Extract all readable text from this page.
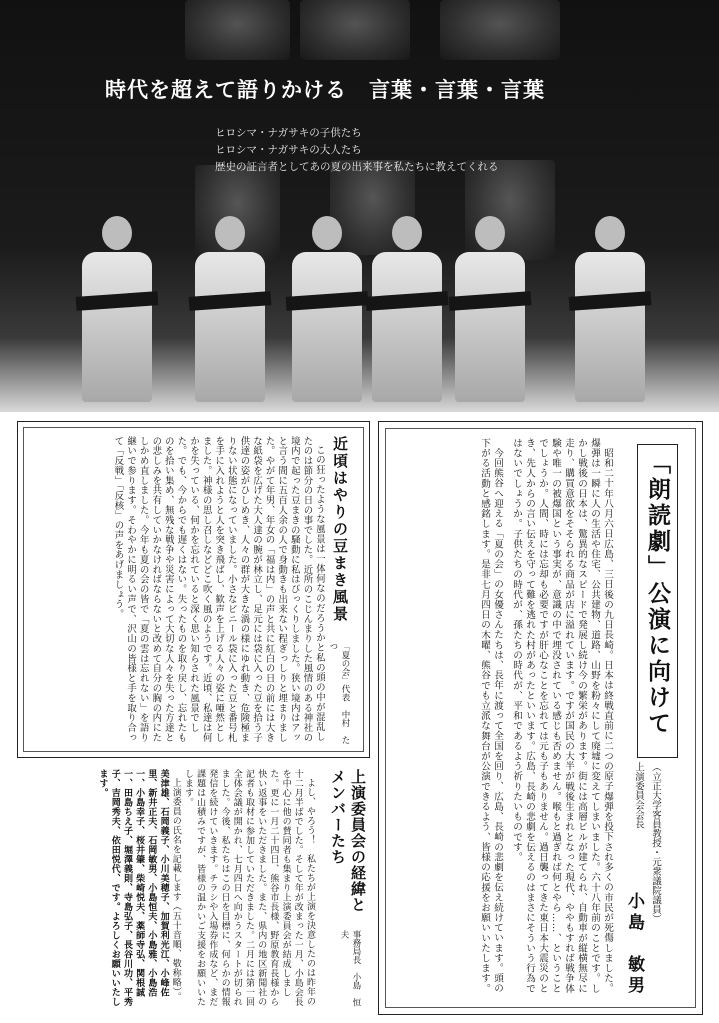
時代を超えて語りかける　言葉・言葉・言葉
ヒロシマ・ナガサキの子供たち
ヒロシマ・ナガサキの大人たち
歴史の証言者としてあの夏の出来事を私たちに教えてくれる
「朗読劇」公演に向けて
上演委員会会長 （立正大学客員教授・元衆議院議員）
小島　敏男

昭和二十年八月六日広島、三日後の九日長崎。日本は終戦直前に二つの原子爆弾を投下され多くの市民が死傷しました。爆弾は一瞬に人の生活や住宅、公共建物、道路、山野を粉々にして廃墟に変えてしまいました。六十八年前のことです。しかし戦後の日本は、驚異的なスピードで発展し続け今の繁栄があります。街には高層ビルが建てられ、自動車が縦横無尽に走り、購買意欲をそそられる商品が店に溢れています。ですが国民の大半が戦後生まれとなった現代、ややもすれば戦争体験や唯一の被爆国という事実が、意識の中で埋没されている感じも否めません。喉もと過ぎれば何とやら……、ということでしょうか。人間、時には忘却も必要ですが肝心なことを忘れては元も子もありません。過日襲ってきた東日本大震災のとき、先人からの言い伝えを守って難を逃れた村があったといいます。広島、長崎の悲劇を伝えるのはまさにそういう行為ではないでしょうか。子供たちの時代が、孫たちの時代が、平和であるよう祈りたいものです。

今回熊谷へ迎える「夏の会」の女優さんたちは、長年に渡って全国を回り、広島、長崎の悲劇を伝え続けています。頭の下がる活動と感銘します。是非七月四日の木曜、熊谷でも立派な舞台が公演できるよう、皆様の応援をお願いいたします。

近頃はやりの豆まき風景
「夏の会」代表　中村　たつ

この狂ったような風景は一体何なのだろうかと私の頭の中が混乱したのは節分の日の事でした。近所のこじんまりした風情のある神社の境内で起った豆まきの騒動に私はびっくりしました。狭い境内はアッと言う間に五百人余の人で身動きも出来ない程ぎっしりと埋まりました。やがて年男、年女の「福は内」の声と共に紅白の日の前には大きな紙袋を広げた大人達の腕が林立し、足元には袋に入った豆を拾う子供達の姿がひしめき、人々の群が大きな渦の様にゆれ動き、危険極まりない状態になっていました。小さなビニール袋に入った豆と番号札を手に入れようと人を突き飛ばし、歓声を上げる人々の姿に唖然としました。神様の思し召しなどどこ吹く風のようです。近頃、私達は何かを失っている、何かを忘れていると深く思い知らされた風景でした。でも、今からでも遅くはない。失ったものを取り戻し、忘れたものを拾い集め、無残な戦争や災害によって大切な人々を失った方達との悲しみを共有していかなければならないと改めて自分の胸の内にたしかめ直しました。今年も夏の会の皆で「夏の雲は忘れない」を語り継いで参ります。そわやかに明るい声で、沢山の皆様と手を取り合って「反戦」「反核」の声をあげましょう。

上演委員会の経緯とメンバーたち
事務局長　小島　恒夫

よし、やろう！　私たちが上演を決意したのは昨年の十二月半ばでした。そして年が改まった一月、小島会長を中心に他の賛同者も集まり上演委員会が結成しました。更に一月二十四日、熊谷市長様、野原教育長様から快い返事をいただきました。また、県内の地区新聞社の記者も取材に参加していただきました。二月には第一回全体会議が開かれ、七月四日へ向かうスタートが切られました。今後、私たちはこの日を目標に、何らかの情報発信を続けていきます。チラシや入場券作成など、まだ課題は山積みですが、皆様の温かいご支援をお願いいたします。

上演委員の氏名を記載します（五十音順、敬称略）。

美津雄、石岡義子、小川美穂子、加賀利光江、小峰佐里、新井正夫、石岡敏男、小島恒夫、小島雅、小島浩一、小島幸子、桜井肇、柴崎悦夫、薬師寺弘、関根誠一、田島ちえ子、堀澤義則、寺島弘子、長谷川功、平秀子、吉岡秀夫、依田悦代、です。よろしくお願いいたします。
